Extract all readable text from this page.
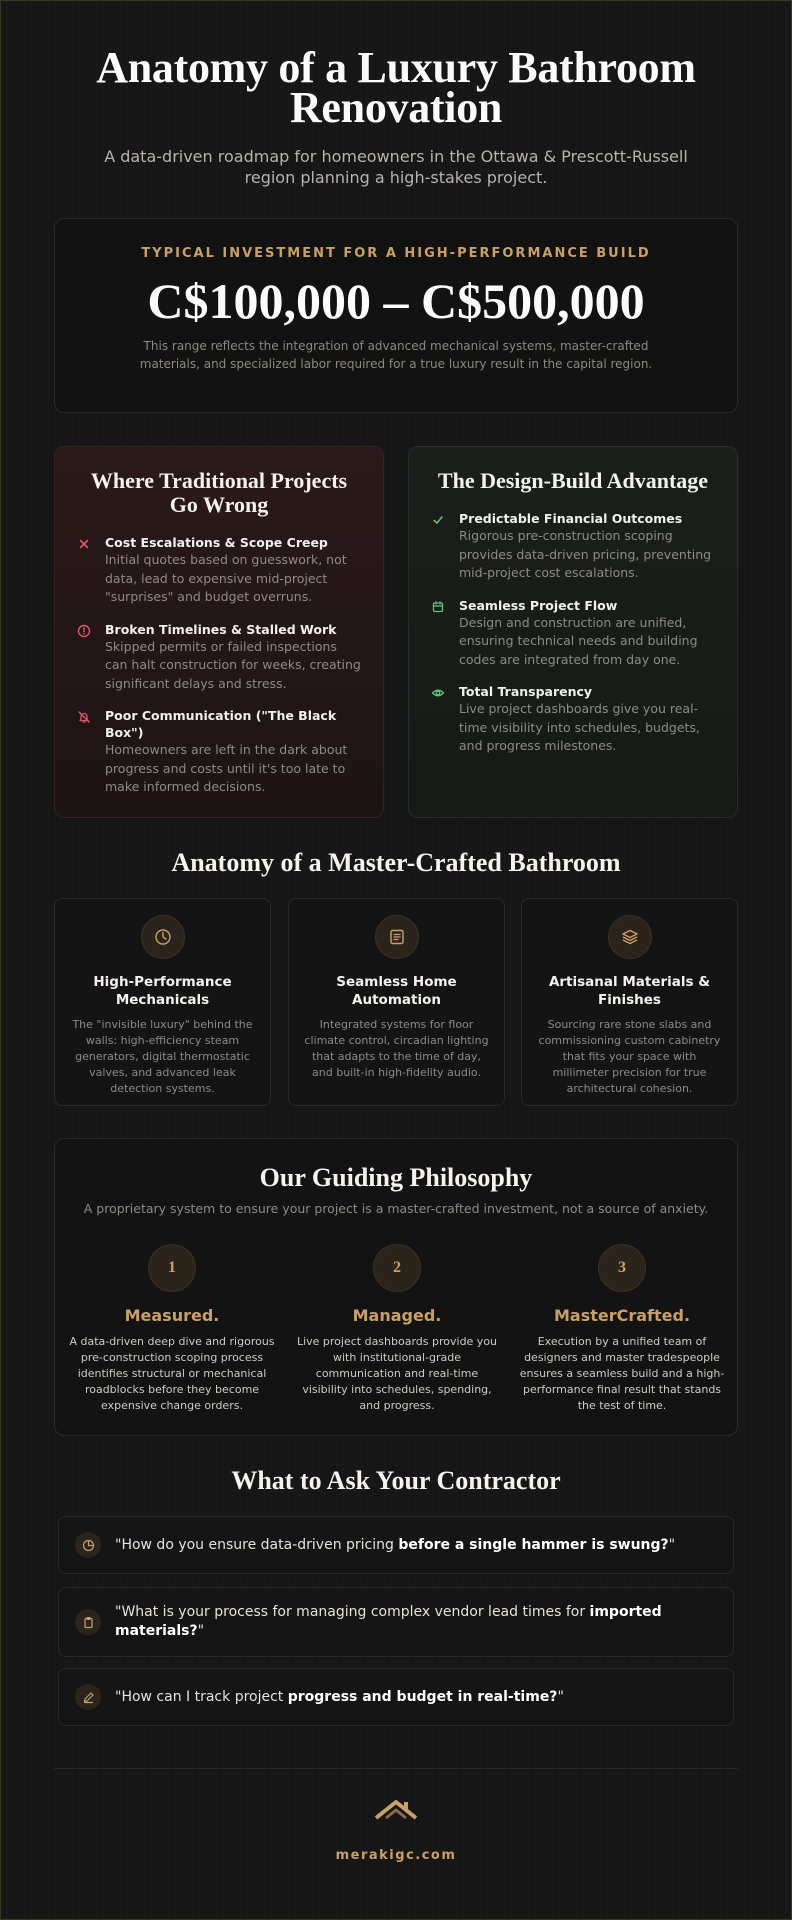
Anatomy of a Luxury Bathroom Renovation

A data-driven roadmap for homeowners in the Ottawa & Prescott-Russell region planning a high-stakes project.

TYPICAL INVESTMENT FOR A HIGH-PERFORMANCE BUILD
C$100,000 – C$500,000
This range reflects the integration of advanced mechanical systems, master-crafted materials, and specialized labor required for a true luxury result in the capital region.
Where Traditional Projects Go Wrong
Cost Escalations & Scope Creep

Initial quotes based on guesswork, not data, lead to expensive mid-project "surprises" and budget overruns.

Broken Timelines & Stalled Work

Skipped permits or failed inspections can halt construction for weeks, creating significant delays and stress.

Poor Communication ("The Black Box")

Homeowners are left in the dark about progress and costs until it's too late to make informed decisions.

The Design-Build Advantage
Predictable Financial Outcomes

Rigorous pre-construction scoping provides data-driven pricing, preventing mid-project cost escalations.

Seamless Project Flow

Design and construction are unified, ensuring technical needs and building codes are integrated from day one.

Total Transparency

Live project dashboards give you real-time visibility into schedules, budgets, and progress milestones.

Anatomy of a Master-Crafted Bathroom
High-Performance Mechanicals

The "invisible luxury" behind the walls: high-efficiency steam generators, digital thermostatic valves, and advanced leak detection systems.

Seamless Home Automation

Integrated systems for floor climate control, circadian lighting that adapts to the time of day, and built-in high-fidelity audio.

Artisanal Materials & Finishes

Sourcing rare stone slabs and commissioning custom cabinetry that fits your space with millimeter precision for true architectural cohesion.

Our Guiding Philosophy
A proprietary system to ensure your project is a master-crafted investment, not a source of anxiety.
1
Measured.

A data-driven deep dive and rigorous pre-construction scoping process identifies structural or mechanical roadblocks before they become expensive change orders.

2
Managed.

Live project dashboards provide you with institutional-grade communication and real-time visibility into schedules, spending, and progress.

3
MasterCrafted.

Execution by a unified team of designers and master tradespeople ensures a seamless build and a high-performance final result that stands the test of time.

What to Ask Your Contractor
"How do you ensure data-driven pricing before a single hammer is swung?"
"What is your process for managing complex vendor lead times for imported materials?"
"How can I track project progress and budget in real-time?"
merakigc.com
